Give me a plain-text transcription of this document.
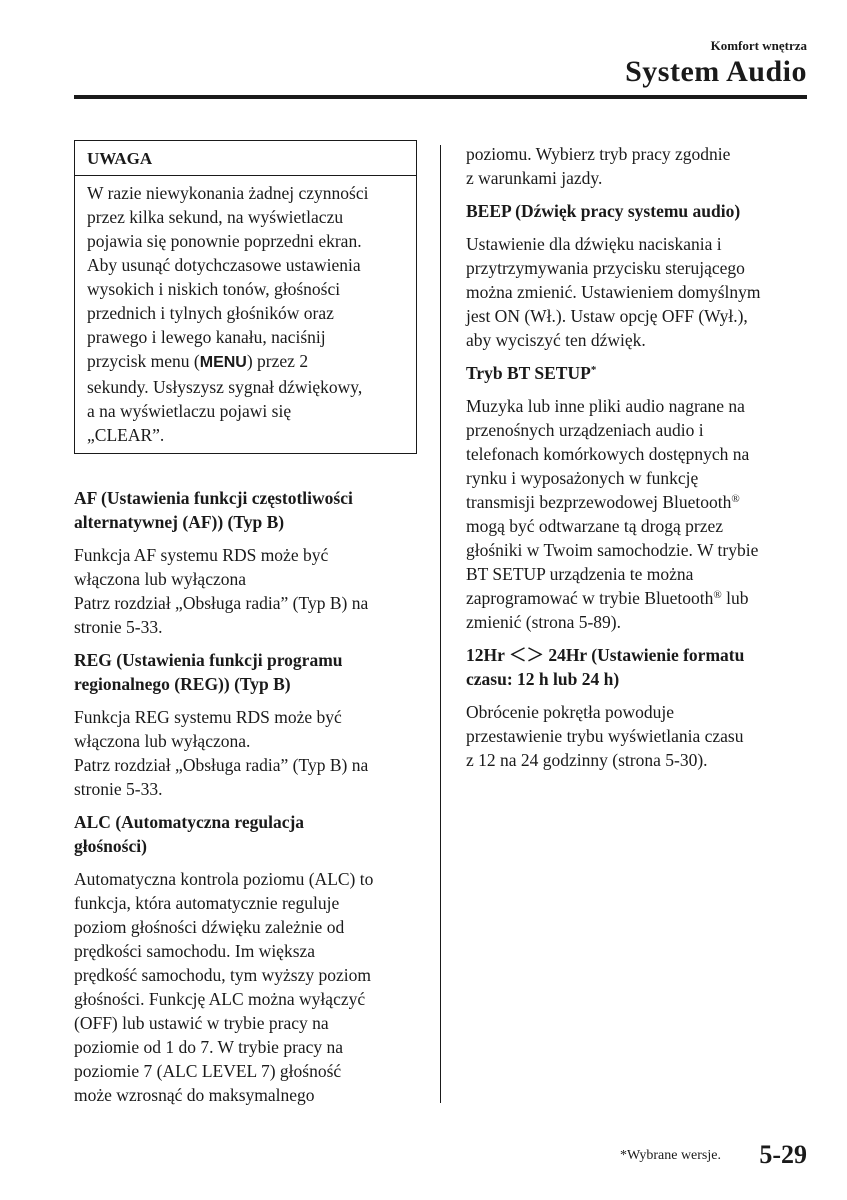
Komfort wnętrza
System Audio
UWAGA
W razie niewykonania żadnej czynności
przez kilka sekund, na wyświetlaczu
pojawia się ponownie poprzedni ekran.
Aby usunąć dotychczasowe ustawienia
wysokich i niskich tonów, głośności
przednich i tylnych głośników oraz
prawego i lewego kanału, naciśnij
przycisk menu (MENU) przez 2
sekundy. Usłyszysz sygnał dźwiękowy,
a na wyświetlaczu pojawi się
„CLEAR”.
AF (Ustawienia funkcji częstotliwości
alternatywnej (AF)) (Typ B)
Funkcja AF systemu RDS może być
włączona lub wyłączona
Patrz rozdział „Obsługa radia” (Typ B) na
stronie 5-33.
REG (Ustawienia funkcji programu
regionalnego (REG)) (Typ B)
Funkcja REG systemu RDS może być
włączona lub wyłączona.
Patrz rozdział „Obsługa radia” (Typ B) na
stronie 5-33.
ALC (Automatyczna regulacja
głośności)
Automatyczna kontrola poziomu (ALC) to
funkcja, która automatycznie reguluje
poziom głośności dźwięku zależnie od
prędkości samochodu. Im większa
prędkość samochodu, tym wyższy poziom
głośności. Funkcję ALC można wyłączyć
(OFF) lub ustawić w trybie pracy na
poziomie od 1 do 7. W trybie pracy na
poziomie 7 (ALC LEVEL 7) głośność
może wzrosnąć do maksymalnego
poziomu. Wybierz tryb pracy zgodnie
z warunkami jazdy.
BEEP (Dźwięk pracy systemu audio)
Ustawienie dla dźwięku naciskania i
przytrzymywania przycisku sterującego
można zmienić. Ustawieniem domyślnym
jest ON (Wł.). Ustaw opcję OFF (Wył.),
aby wyciszyć ten dźwięk.
Tryb BT SETUP*
Muzyka lub inne pliki audio nagrane na
przenośnych urządzeniach audio i
telefonach komórkowych dostępnych na
rynku i wyposażonych w funkcję
transmisji bezprzewodowej Bluetooth®
mogą być odtwarzane tą drogą przez
głośniki w Twoim samochodzie. W trybie
BT SETUP urządzenia te można
zaprogramować w trybie Bluetooth® lub
zmienić (strona 5-89).
12Hr ＜＞ 24Hr (Ustawienie formatu
czasu: 12 h lub 24 h)
Obrócenie pokrętła powoduje
przestawienie trybu wyświetlania czasu
z 12 na 24 godzinny (strona 5-30).
*Wybrane wersje. 5-29
